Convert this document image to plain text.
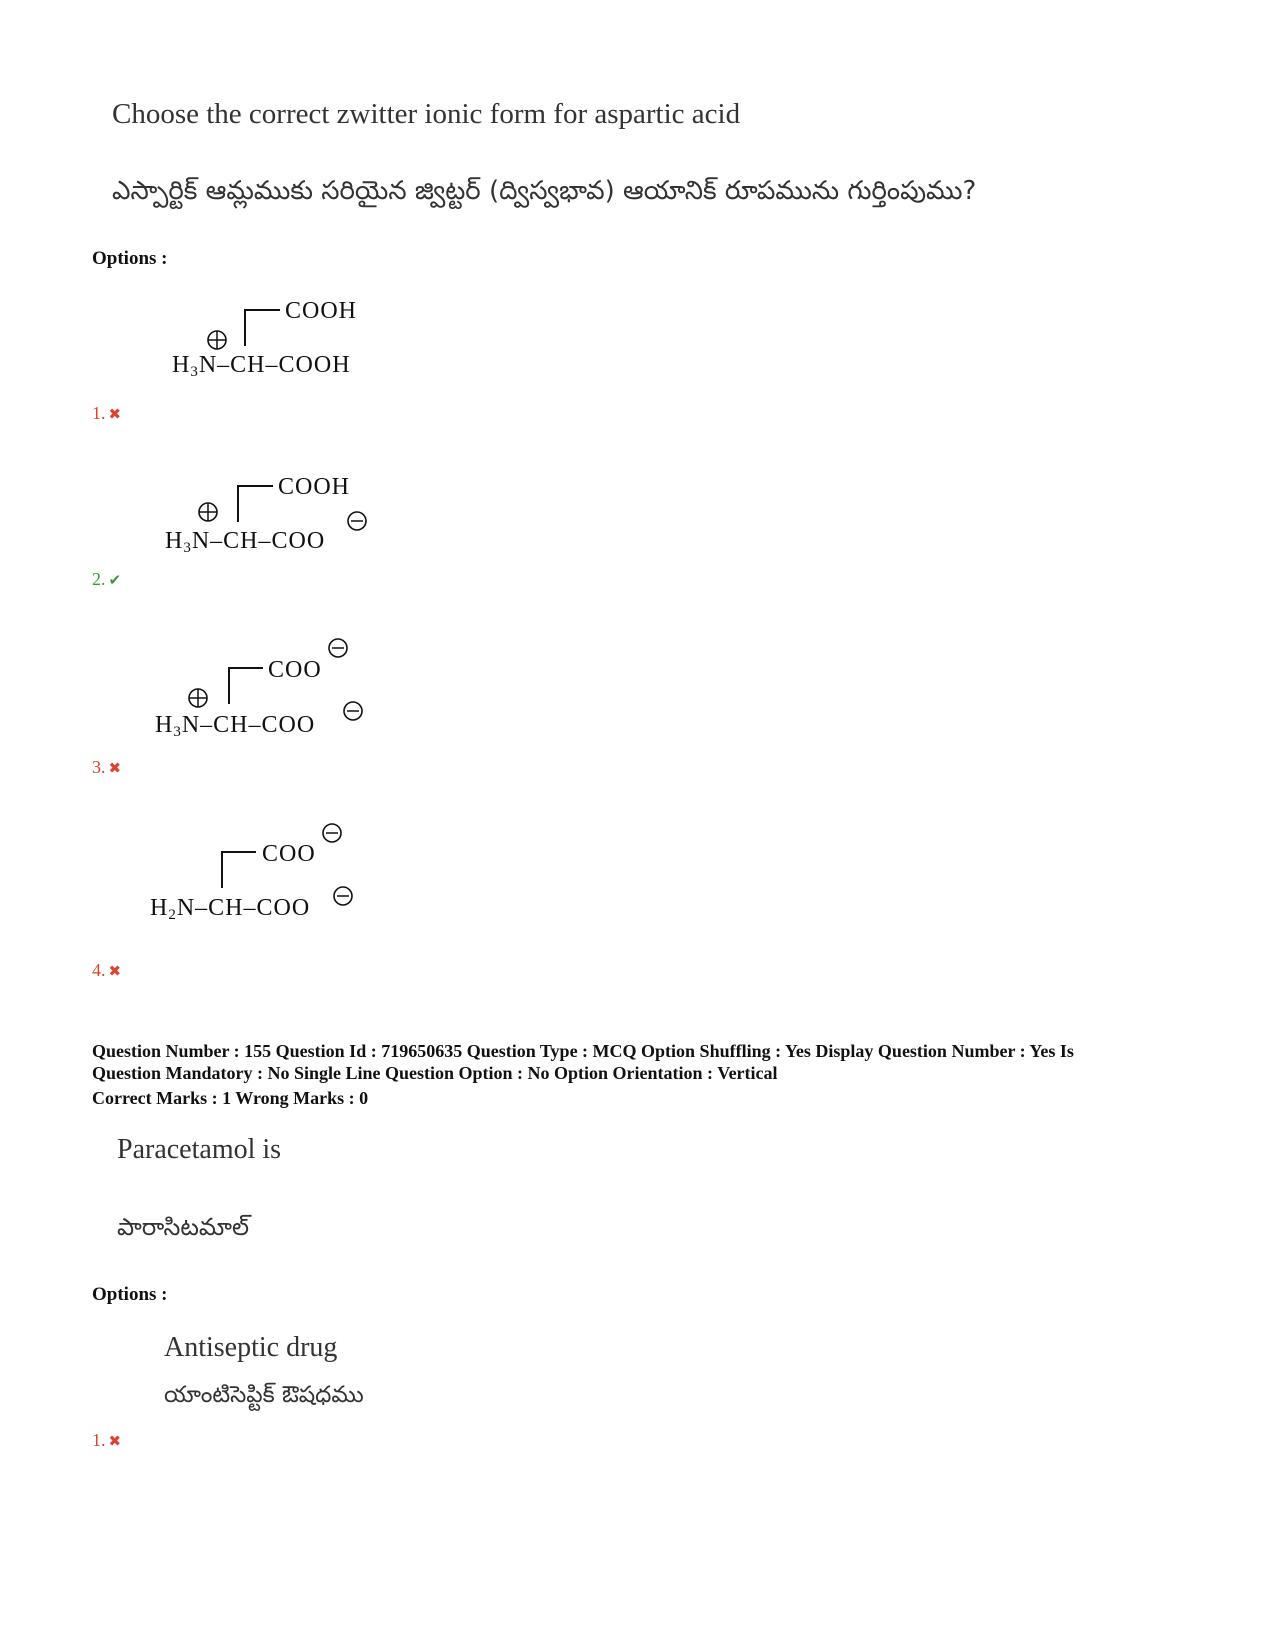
Choose the correct zwitter ionic form for aspartic acid
ఎస్పార్టిక్ ఆమ్లముకు సరియైన జ్విట్టర్ (ద్విస్వభావ) ఆయానిక్ రూపమును గుర్తింపుము?
Options :
COOH
H3N–CH–COOH
1. ✖
COOH
H3N–CH–COO
2. ✔
COO
H3N–CH–COO
3. ✖
COO
H2N–CH–COO
4. ✖
Question Number : 155 Question Id : 719650635 Question Type : MCQ Option Shuffling : Yes Display Question Number : Yes Is
Question Mandatory : No Single Line Question Option : No Option Orientation : Vertical
Correct Marks : 1 Wrong Marks : 0
Paracetamol is
పారాసిటమాల్
Options :
Antiseptic drug
యాంటిసెప్టిక్ ఔషధము
1. ✖
